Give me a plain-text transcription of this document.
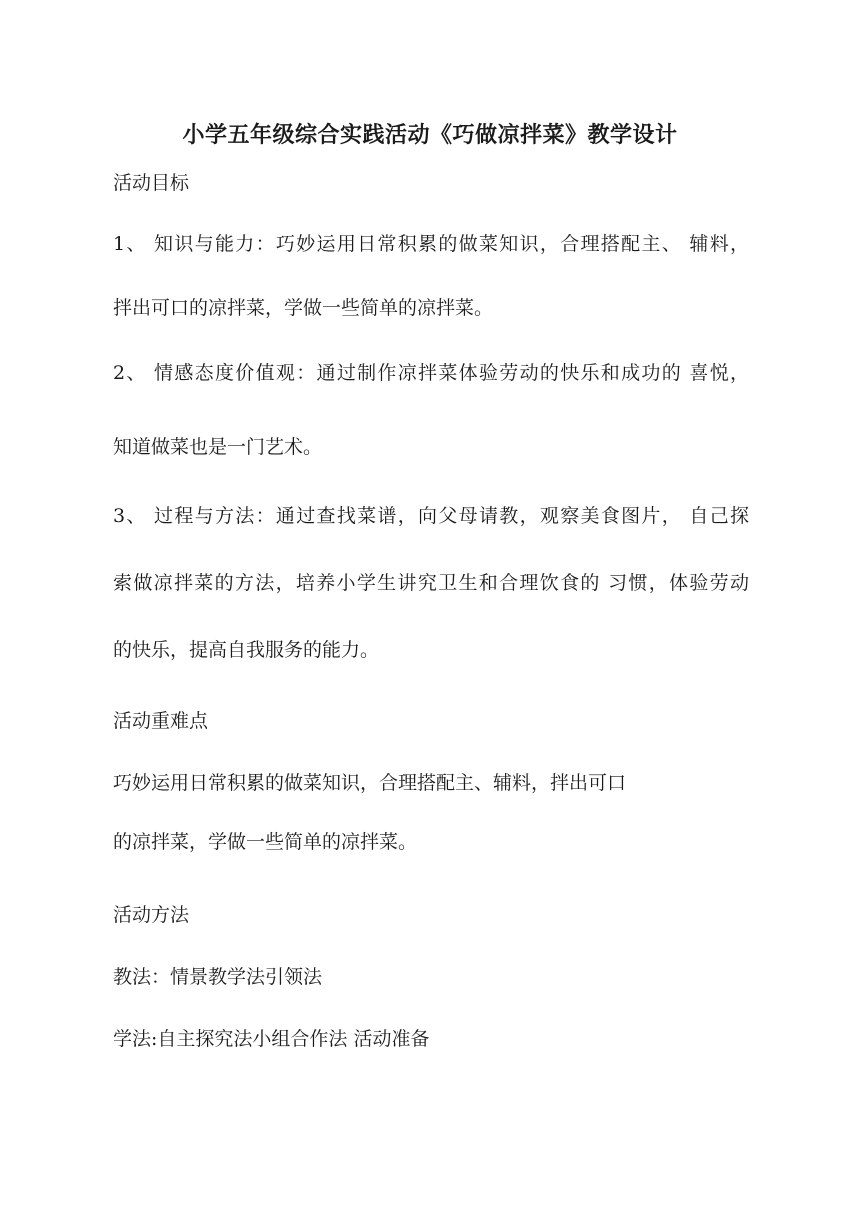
小学五年级综合实践活动《巧做凉拌菜》教学设计
活动目标
1、 知识与能力：巧妙运用日常积累的做菜知识，合理搭配主、 辅料，
拌出可口的凉拌菜，学做一些简单的凉拌菜。
2、 情感态度价值观：通过制作凉拌菜体验劳动的快乐和成功的 喜悦，
知道做菜也是一门艺术。
3、 过程与方法：通过查找菜谱，向父母请教，观察美食图片， 自己探
索做凉拌菜的方法，培养小学生讲究卫生和合理饮食的 习惯，体验劳动
的快乐，提高自我服务的能力。
活动重难点
巧妙运用日常积累的做菜知识，合理搭配主、辅料，拌出可口
的凉拌菜，学做一些简单的凉拌菜。
活动方法
教法：情景教学法引领法
学法:自主探究法小组合作法 活动准备
